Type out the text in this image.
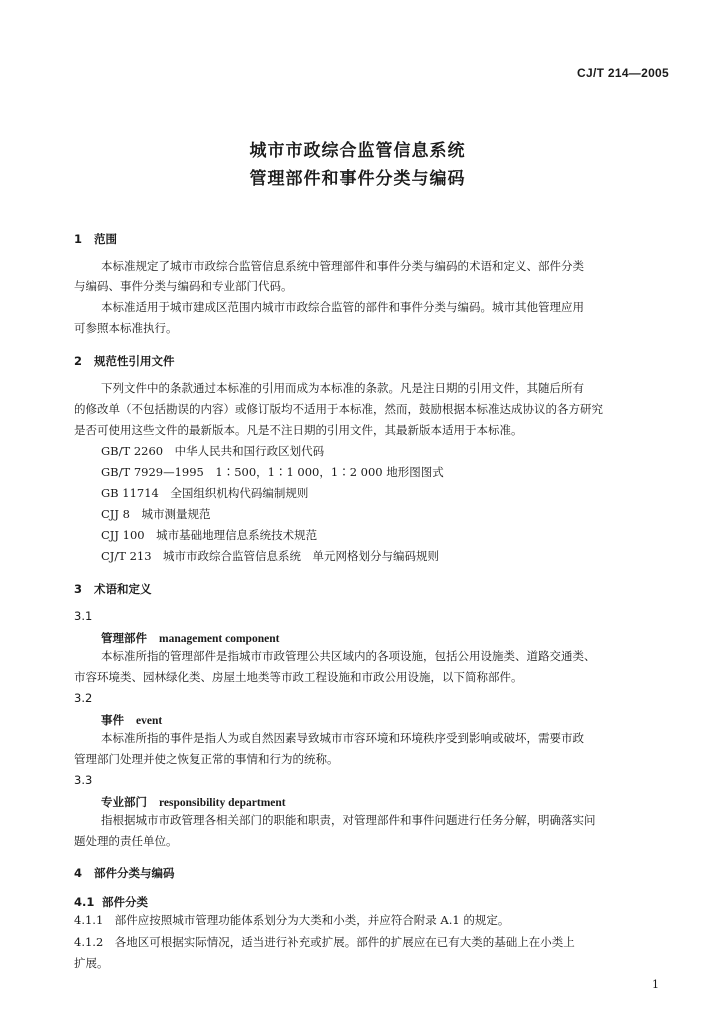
CJ/T 214—2005
城市市政综合监管信息系统
管理部件和事件分类与编码
1 范围
本标准规定了城市市政综合监管信息系统中管理部件和事件分类与编码的术语和定义、部件分类
与编码、事件分类与编码和专业部门代码。
本标准适用于城市建成区范围内城市市政综合监管的部件和事件分类与编码。城市其他管理应用
可参照本标准执行。
2 规范性引用文件
下列文件中的条款通过本标准的引用而成为本标准的条款。凡是注日期的引用文件，其随后所有
的修改单（不包括勘误的内容）或修订版均不适用于本标准，然而，鼓励根据本标准达成协议的各方研究
是否可使用这些文件的最新版本。凡是不注日期的引用文件，其最新版本适用于本标准。
GB/T 2260　中华人民共和国行政区划代码
GB/T 7929—1995　1∶500，1∶1 000，1∶2 000 地形图图式
GB 11714　全国组织机构代码编制规则
CJJ 8　城市测量规范
CJJ 100　城市基础地理信息系统技术规范
CJ/T 213　城市市政综合监管信息系统　单元网格划分与编码规则
3 术语和定义
3.1
管理部件 management component
本标准所指的管理部件是指城市市政管理公共区域内的各项设施，包括公用设施类、道路交通类、
市容环境类、园林绿化类、房屋土地类等市政工程设施和市政公用设施，以下简称部件。
3.2
事件 event
本标准所指的事件是指人为或自然因素导致城市市容环境和环境秩序受到影响或破坏，需要市政
管理部门处理并使之恢复正常的事情和行为的统称。
3.3
专业部门 responsibility department
指根据城市市政管理各相关部门的职能和职责，对管理部件和事件问题进行任务分解，明确落实问
题处理的责任单位。
4 部件分类与编码
4.1 部件分类
4.1.1　部件应按照城市管理功能体系划分为大类和小类，并应符合附录 A.1 的规定。
4.1.2　各地区可根据实际情况，适当进行补充或扩展。部件的扩展应在已有大类的基础上在小类上
扩展。
1
